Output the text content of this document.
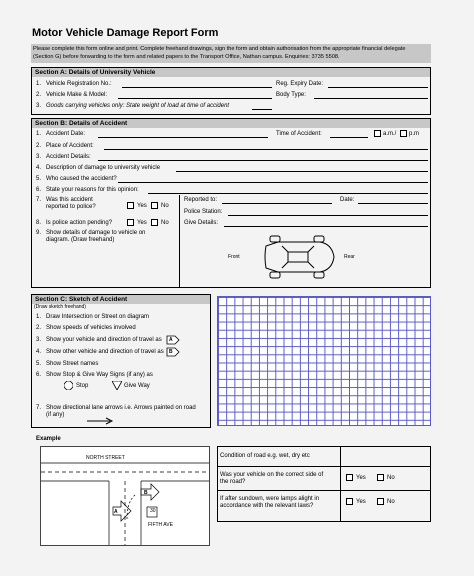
Motor Vehicle Damage Report Form
Please complete this form online and print. Complete freehand drawings, sign the form and obtain authorisation from the appropriate financial delegate
(Section G) before forwarding to the form and related papers to the Transport Office, Nathan campus. Enquiries: 3735 5508.
Section A: Details of University Vehicle
1. Vehicle Registration No.:	Reg. Expiry Date:
2. Vehicle Make & Model:	Body Type:
3. Goods carrying vehicles only: State weight of load at time of accident
Section B: Details of Accident
1. Accident Date:	Time of Accident:	a.m./ p.m
2. Place of Accident:
3. Accident Details:
4. Description of damage to university vehicle
5. Who caused the accident?
6. State your reasons for this opinion:
7. Was this accident
reported to police?	Yes No
8. Is police action pending?	Yes No
9. Show details of damage to vehicle on
diagram. (Draw freehand)
Reported to:	Date:
Police Station:
Give Details:
Front	Rear
Section C: Sketch of Accident
(Draw sketch freehand)
1. Draw Intersection or Street on diagram
2. Show speeds of vehicles involved
3. Show your vehicle and direction of travel as A
4. Show other vehicle and direction of travel as B
5. Show Street names
6. Show Stop & Give Way Signs (if any) as
Stop	Give Way
7. Show directional lane arrows i.e. Arrows painted on road
(if any)
Example
NORTH STREET
FIFTH AVE
30
A
B
Condition of road e.g. wet, dry etc
Was your vehicle on the correct side of
the road?
Yes	No
If after sundown, were lamps alight in
accordance with the relevant laws?
Yes	No
